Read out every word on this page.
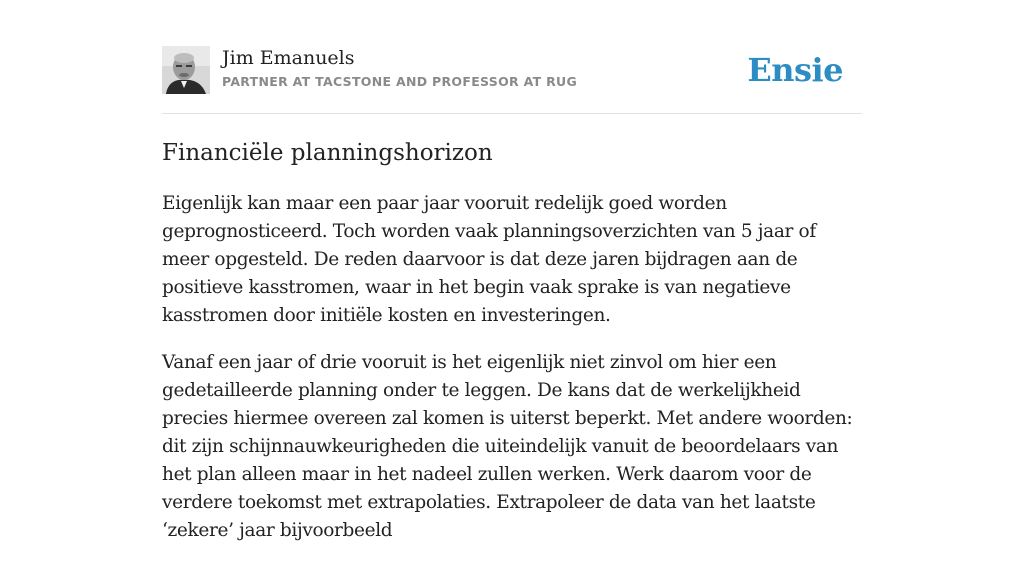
Jim Emanuels
PARTNER AT TACSTONE AND PROFESSOR AT RUG	Ensie
Financiële planningshorizon

Eigenlijk kan maar een paar jaar vooruit redelijk goed worden geprognosticeerd. Toch worden vaak planningsoverzichten van 5 jaar of meer opgesteld. De reden daarvoor is dat deze jaren bijdragen aan de positieve kasstromen, waar in het begin vaak sprake is van negatieve kasstromen door initiële kosten en investeringen.

Vanaf een jaar of drie vooruit is het eigenlijk niet zinvol om hier een gedetailleerde planning onder te leggen. De kans dat de werkelijkheid precies hiermee overeen zal komen is uiterst beperkt. Met andere woorden: dit zijn schijnnauwkeurigheden die uiteindelijk vanuit de beoordelaars van het plan alleen maar in het nadeel zullen werken. Werk daarom voor de verdere toekomst met extrapolaties. Extrapoleer de data van het laatste ‘zekere’ jaar bijvoorbeeld
